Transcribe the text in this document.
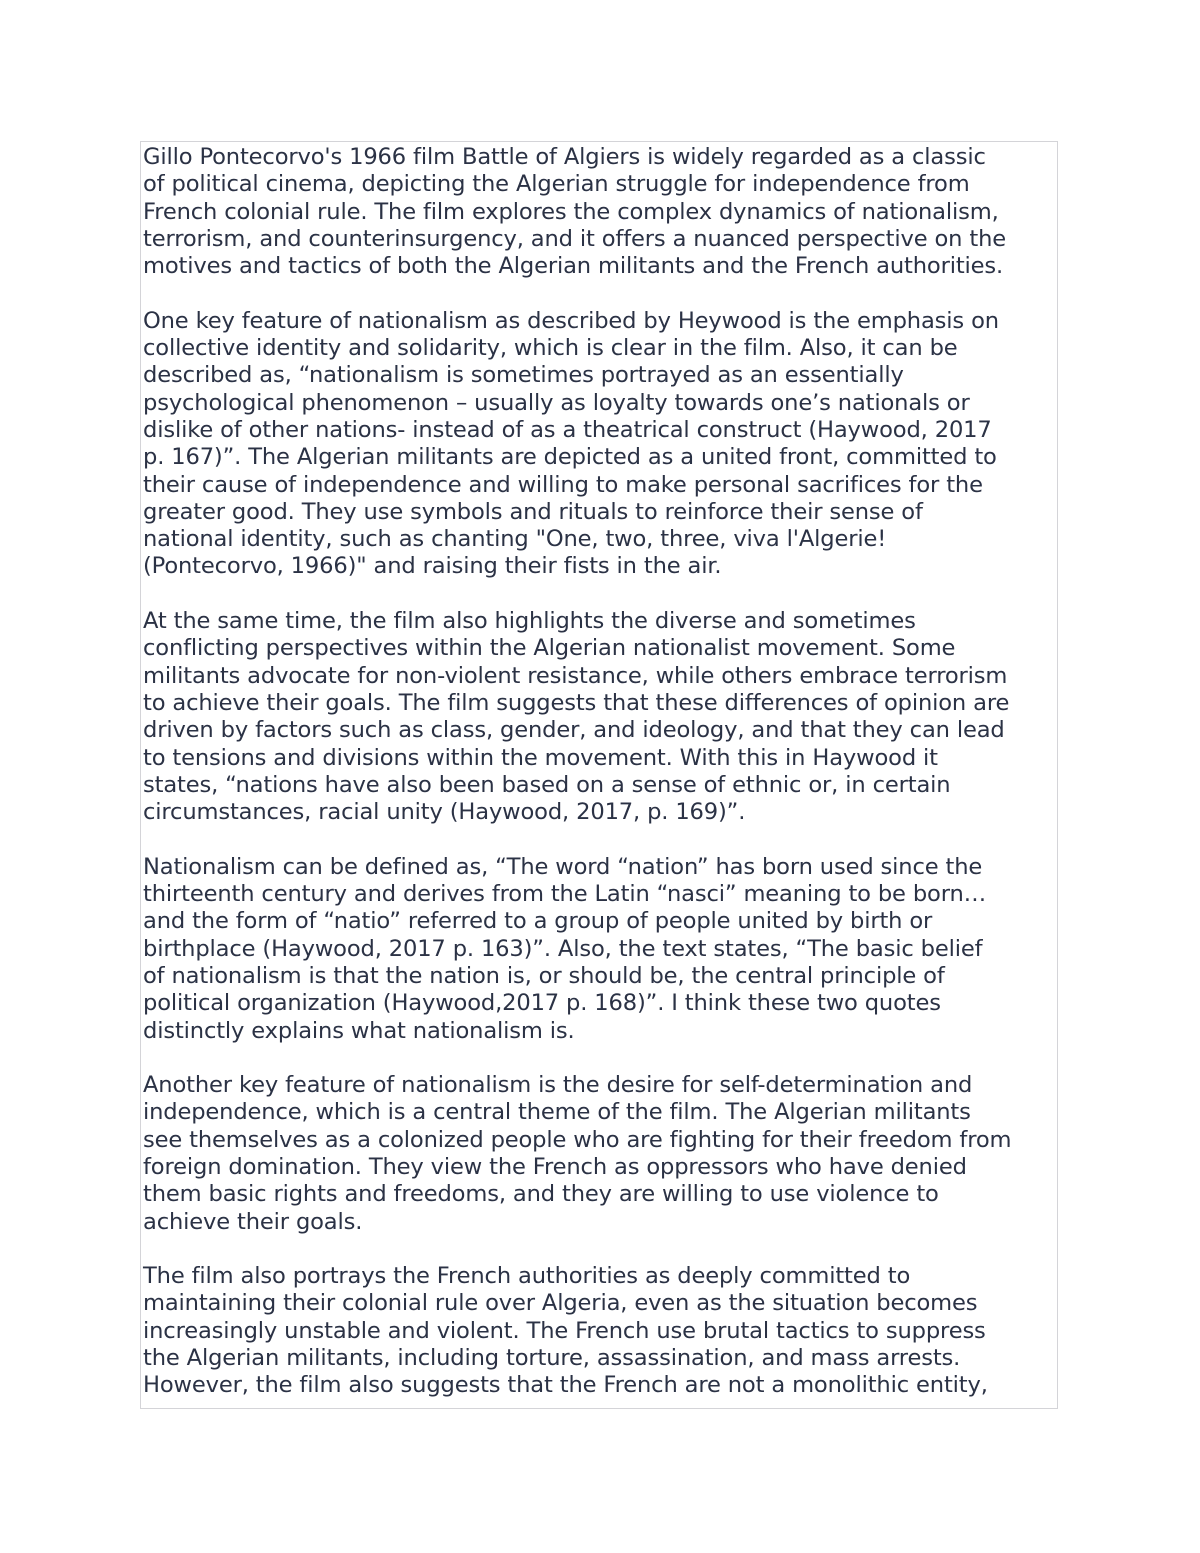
Gillo Pontecorvo's 1966 film Battle of Algiers is widely regarded as a classic
of political cinema, depicting the Algerian struggle for independence from
French colonial rule. The film explores the complex dynamics of nationalism,
terrorism, and counterinsurgency, and it offers a nuanced perspective on the
motives and tactics of both the Algerian militants and the French authorities.

One key feature of nationalism as described by Heywood is the emphasis on
collective identity and solidarity, which is clear in the film. Also, it can be
described as, “nationalism is sometimes portrayed as an essentially
psychological phenomenon – usually as loyalty towards one’s nationals or
dislike of other nations- instead of as a theatrical construct (Haywood, 2017
p. 167)”. The Algerian militants are depicted as a united front, committed to
their cause of independence and willing to make personal sacrifices for the
greater good. They use symbols and rituals to reinforce their sense of
national identity, such as chanting "One, two, three, viva l'Algerie!
(Pontecorvo, 1966)" and raising their fists in the air.

At the same time, the film also highlights the diverse and sometimes
conflicting perspectives within the Algerian nationalist movement. Some
militants advocate for non-violent resistance, while others embrace terrorism
to achieve their goals. The film suggests that these differences of opinion are
driven by factors such as class, gender, and ideology, and that they can lead
to tensions and divisions within the movement. With this in Haywood it
states, “nations have also been based on a sense of ethnic or, in certain
circumstances, racial unity (Haywood, 2017, p. 169)”.

Nationalism can be defined as, “The word “nation” has born used since the
thirteenth century and derives from the Latin “nasci” meaning to be born…
and the form of “natio” referred to a group of people united by birth or
birthplace (Haywood, 2017 p. 163)”. Also, the text states, “The basic belief
of nationalism is that the nation is, or should be, the central principle of
political organization (Haywood,2017 p. 168)”. I think these two quotes
distinctly explains what nationalism is.

Another key feature of nationalism is the desire for self-determination and
independence, which is a central theme of the film. The Algerian militants
see themselves as a colonized people who are fighting for their freedom from
foreign domination. They view the French as oppressors who have denied
them basic rights and freedoms, and they are willing to use violence to
achieve their goals.

The film also portrays the French authorities as deeply committed to
maintaining their colonial rule over Algeria, even as the situation becomes
increasingly unstable and violent. The French use brutal tactics to suppress
the Algerian militants, including torture, assassination, and mass arrests.
However, the film also suggests that the French are not a monolithic entity,
